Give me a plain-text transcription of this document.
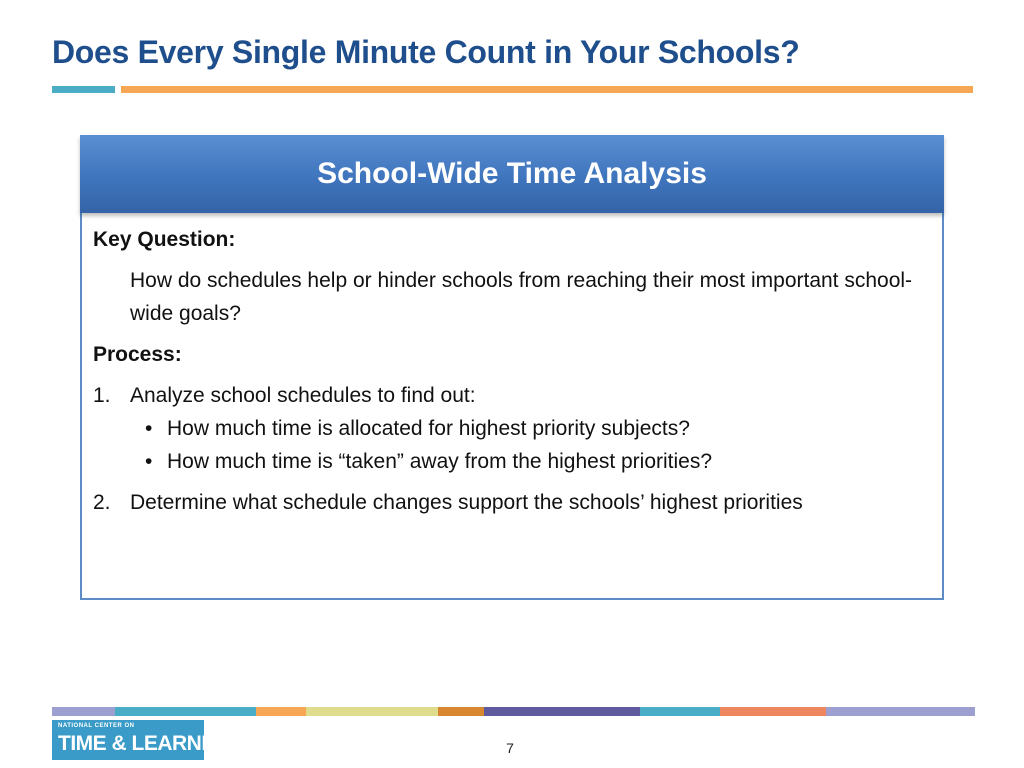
Does Every Single Minute Count in Your Schools?
School-Wide Time Analysis
Key Question:
How do schedules help or hinder schools from reaching their most important school-wide goals?
Process:
1. Analyze school schedules to find out:
• How much time is allocated for highest priority subjects?
• How much time is “taken” away from the highest priorities?
2. Determine what schedule changes support the schools’ highest priorities
NATIONAL CENTER ON
TIME & LEARNING	7
